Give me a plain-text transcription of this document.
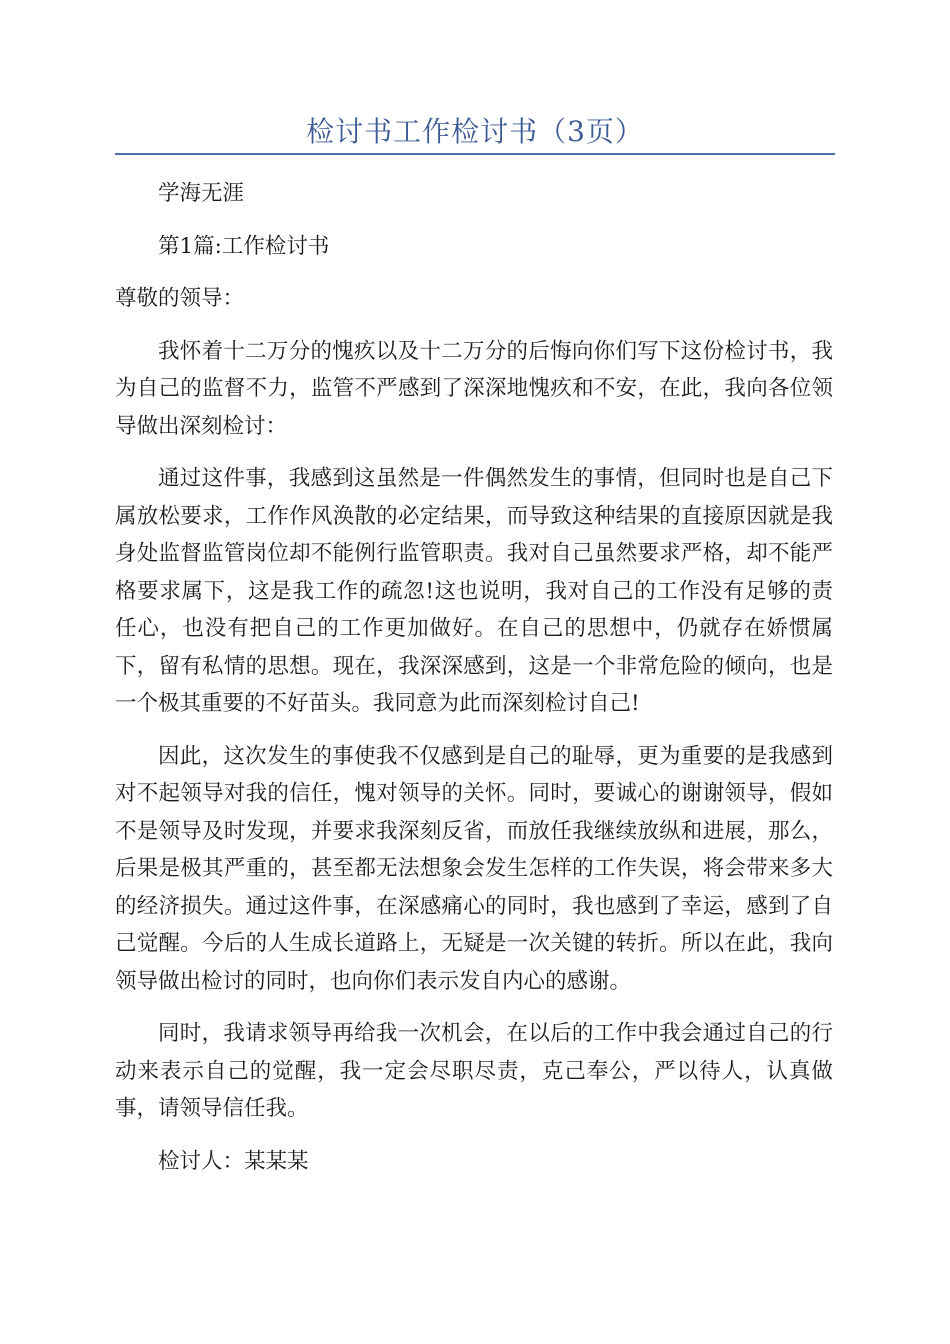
检讨书工作检讨书（3页）

学海无涯

第1篇:工作检讨书

尊敬的领导：

我怀着十二万分的愧疚以及十二万分的后悔向你们写下这份检讨书，我为自己的监督不力，监管不严感到了深深地愧疚和不安，在此，我向各位领导做出深刻检讨：

通过这件事，我感到这虽然是一件偶然发生的事情，但同时也是自己下属放松要求，工作作风涣散的必定结果，而导致这种结果的直接原因就是我身处监督监管岗位却不能例行监管职责。我对自己虽然要求严格，却不能严格要求属下，这是我工作的疏忽!这也说明，我对自己的工作没有足够的责任心，也没有把自己的工作更加做好。在自己的思想中，仍就存在娇惯属下，留有私情的思想。现在，我深深感到，这是一个非常危险的倾向，也是一个极其重要的不好苗头。我同意为此而深刻检讨自己!

因此，这次发生的事使我不仅感到是自己的耻辱，更为重要的是我感到对不起领导对我的信任，愧对领导的关怀。同时，要诚心的谢谢领导，假如不是领导及时发现，并要求我深刻反省，而放任我继续放纵和进展，那么，后果是极其严重的，甚至都无法想象会发生怎样的工作失误，将会带来多大的经济损失。通过这件事，在深感痛心的同时，我也感到了幸运，感到了自己觉醒。今后的人生成长道路上，无疑是一次关键的转折。所以在此，我向领导做出检讨的同时，也向你们表示发自内心的感谢。

同时，我请求领导再给我一次机会，在以后的工作中我会通过自己的行动来表示自己的觉醒，我一定会尽职尽责，克己奉公，严以待人，认真做事，请领导信任我。

检讨人：某某某
